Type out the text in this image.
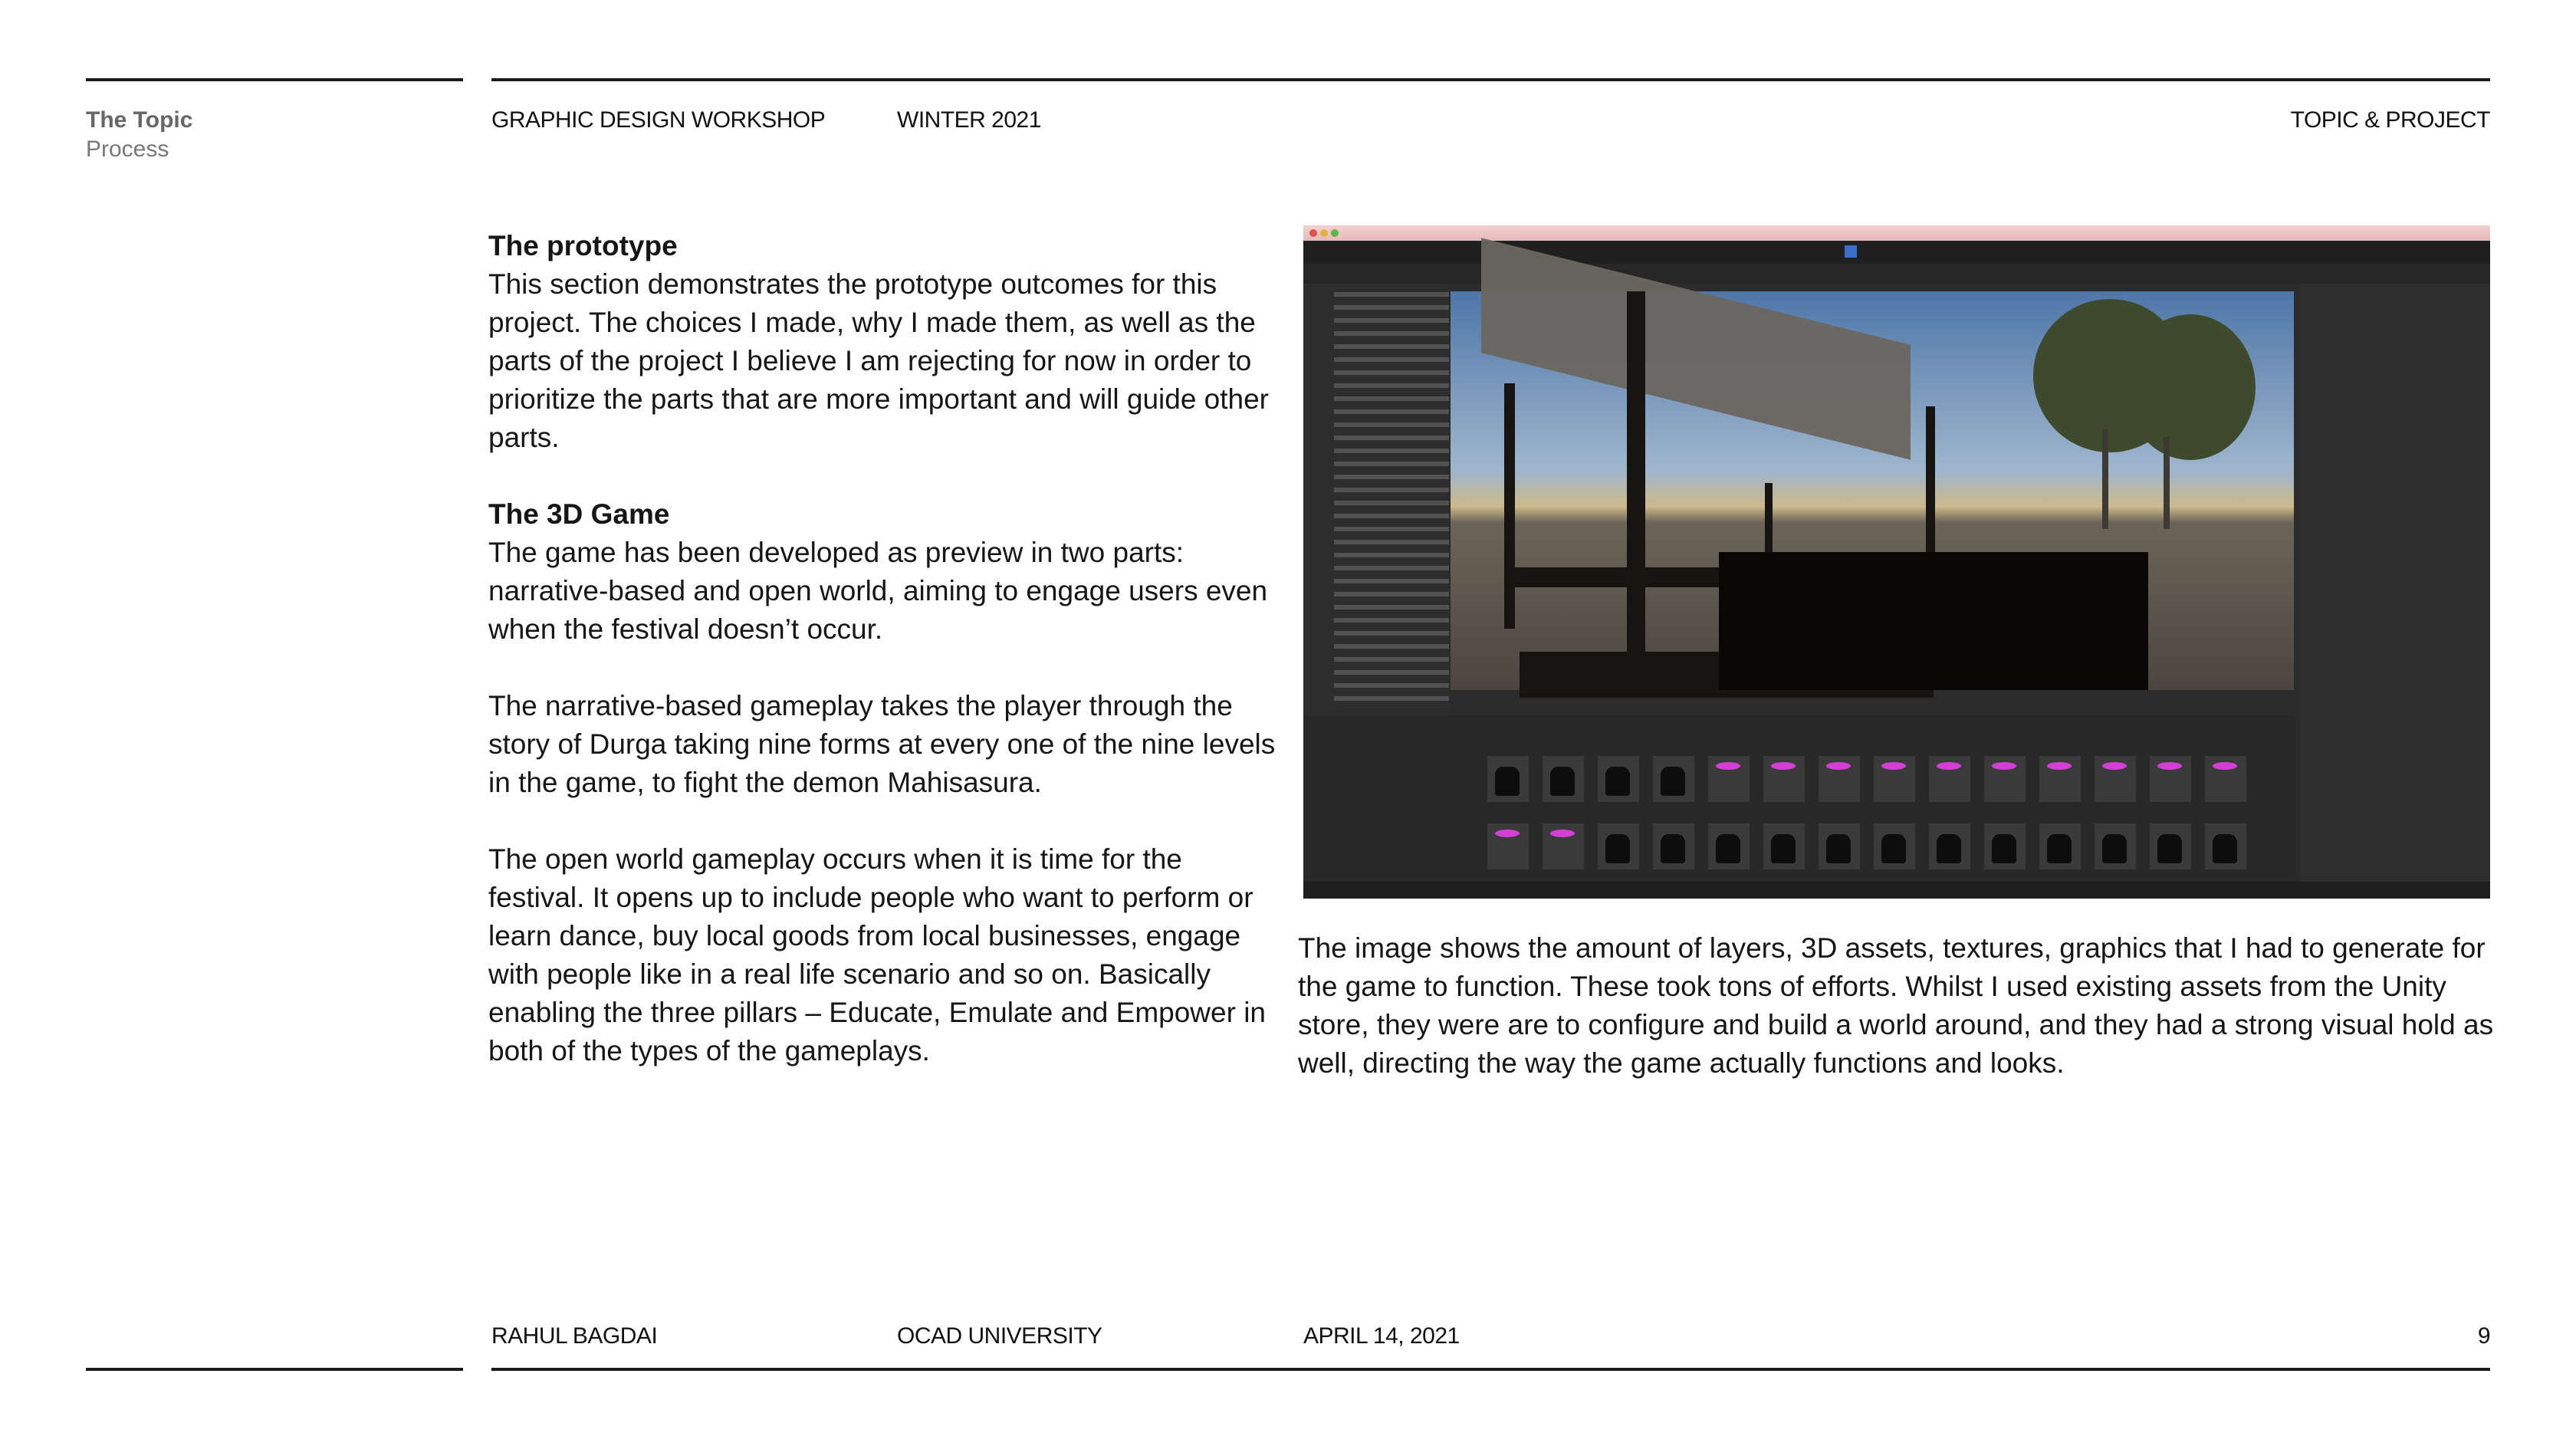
The Topic
Process
GRAPHIC DESIGN WORKSHOP	WINTER 2021	TOPIC & PROJECT
The prototype

This section demonstrates the prototype outcomes for this project. The choices I made, why I made them, as well as the parts of the project I believe I am rejecting for now in order to prioritize the parts that are more important and will guide other parts.

The 3D Game

The game has been developed as preview in two parts: narrative-based and open world, aiming to engage users even when the festival doesn’t occur.

The narrative-based gameplay takes the player through the story of Durga taking nine forms at every one of the nine levels in the game, to fight the demon Mahisasura.

The open world gameplay occurs when it is time for the festival. It opens up to include people who want to perform or learn dance, buy local goods from local businesses, engage with people like in a real life scenario and so on. Basically enabling the three pillars – Educate, Emulate and Empower in both of the types of the gameplays.

The image shows the amount of layers, 3D assets, textures, graphics that I had to generate for the game to function. These took tons of efforts. Whilst I used existing assets from the Unity store, they were are to configure and build a world around, and they had a strong visual hold as well, directing the way the game actually functions and looks.
RAHUL BAGDAI	OCAD UNIVERSITY	APRIL 14, 2021	9
